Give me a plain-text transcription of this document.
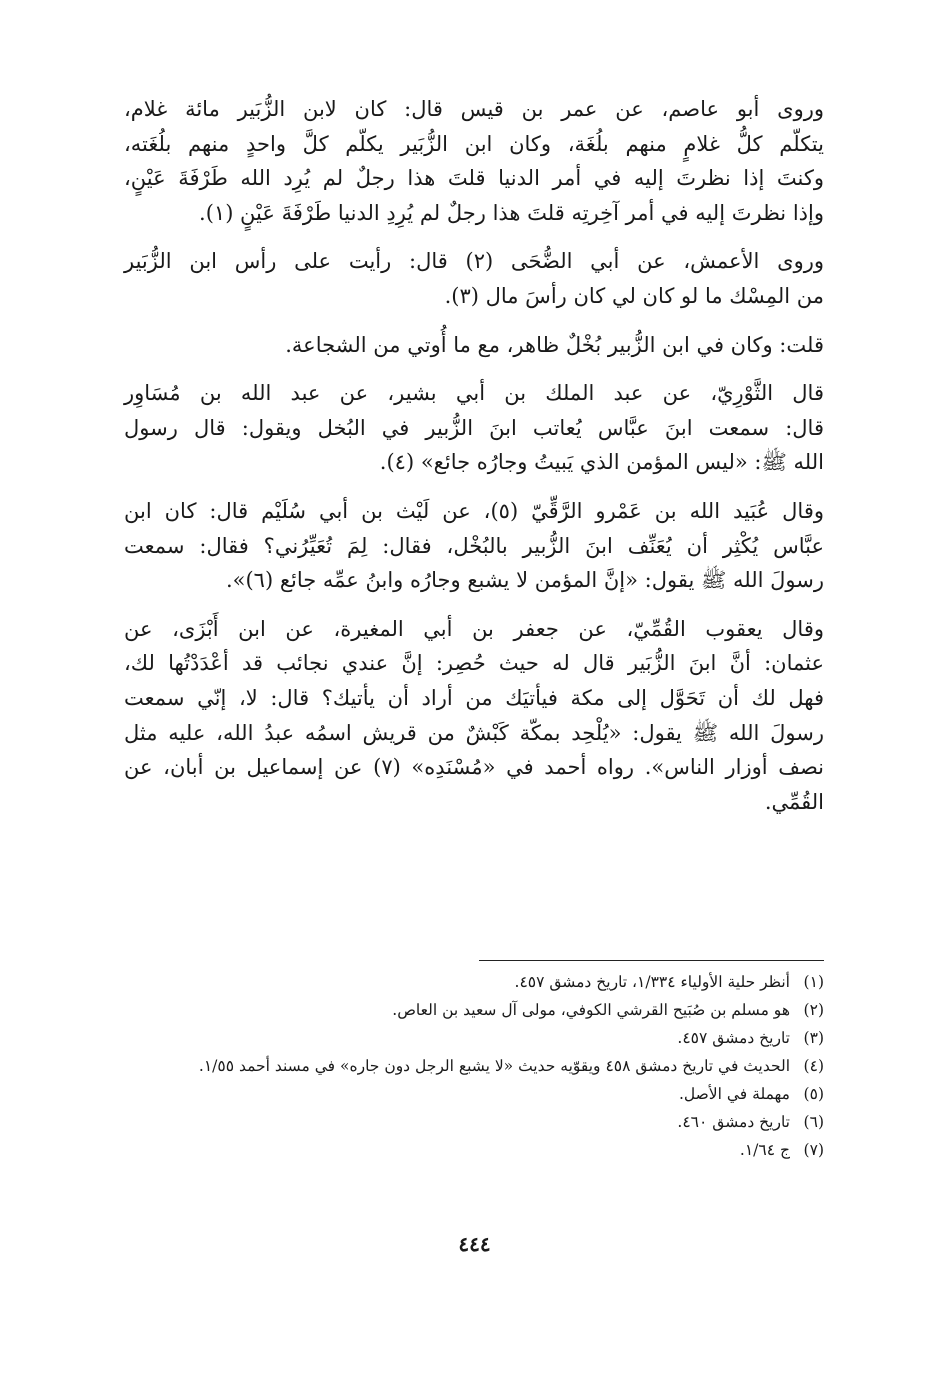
وروى أبو عاصم، عن عمر بن قيس قال: كان لابن الزُّبَير مائة غلام،
يتكلّم كلُّ غلامٍ منهم بلُغَة، وكان ابن الزُّبَير يكلّم كلَّ واحدٍ منهم بلُغَته،
وكنتَ إذا نظرتَ إليه في أمر الدنيا قلتَ هذا رجلٌ لم يُرِد الله طَرْفَةَ عَيْنٍ،
وإذا نظرتَ إليه في أمر آخِرتِه قلتَ هذا رجلٌ لم يُرِدِ الدنيا طَرْفَةَ عَيْنٍ (١).

وروى الأعمش، عن أبي الضُّحَى (٢) قال: رأيت على رأس ابن الزُّبَير
من المِسْك ما لو كان لي كان رأسَ مال (٣).

قلت: وكان في ابن الزُّبير بُخْلٌ ظاهر، مع ما أُوتي من الشجاعة.

قال الثَّوْرِيّ، عن عبد الملك بن أبي بشير، عن عبد الله بن مُسَاوِر
قال: سمعت ابنَ عبَّاس يُعاتب ابنَ الزُّبير في البُخل ويقول: قال رسول
الله ﷺ: «ليس المؤمن الذي يَبيتُ وجارُه جائع» (٤).

وقال عُبَيد الله بن عَمْرو الرَّقِّيّ (٥)، عن لَيْث بن أبي سُلَيْم قال: كان ابن
عبَّاس يُكْثِر أن يُعَنِّف ابنَ الزُّبير بالبُخْل، فقال: لِمَ تُعَيِّرُني؟ فقال: سمعت
رسولَ الله ﷺ يقول: «إنَّ المؤمن لا يشبع وجارُه وابنُ عمِّه جائع (٦)».

وقال يعقوب القُمِّيّ، عن جعفر بن أبي المغيرة، عن ابن أَبْزَى، عن
عثمان: أنَّ ابنَ الزُّبَير قال له حيث حُصِر: إنَّ عندي نجائب قد أعْدَدْتُها لك،
فهل لك أن تَحَوَّل إلى مكة فيأتيَك من أراد أن يأتيك؟ قال: لا، إنّي سمعت
رسولَ الله ﷺ يقول: «يُلْحِد بمكّة كَبْشٌ من قريش اسمُه عبدُ الله، عليه مثل
نصف أوزار الناس». رواه أحمد في «مُسْنَدِه» (٧) عن إسماعيل بن أبان، عن
القُمِّي.

(١)
أنظر حلية الأولياء ١/٣٣٤، تاريخ دمشق ٤٥٧.
(٢)
هو مسلم بن صُبَيح القرشي الكوفي، مولى آل سعيد بن العاص.
(٣)
تاريخ دمشق ٤٥٧.
(٤)
الحديث في تاريخ دمشق ٤٥٨ ويقوّيه حديث «لا يشبع الرجل دون جاره» في مسند أحمد ١/٥٥.
(٥)
مهملة في الأصل.
(٦)
تاريخ دمشق ٤٦٠.
(٧)
ج ١/٦٤.
٤٤٤
